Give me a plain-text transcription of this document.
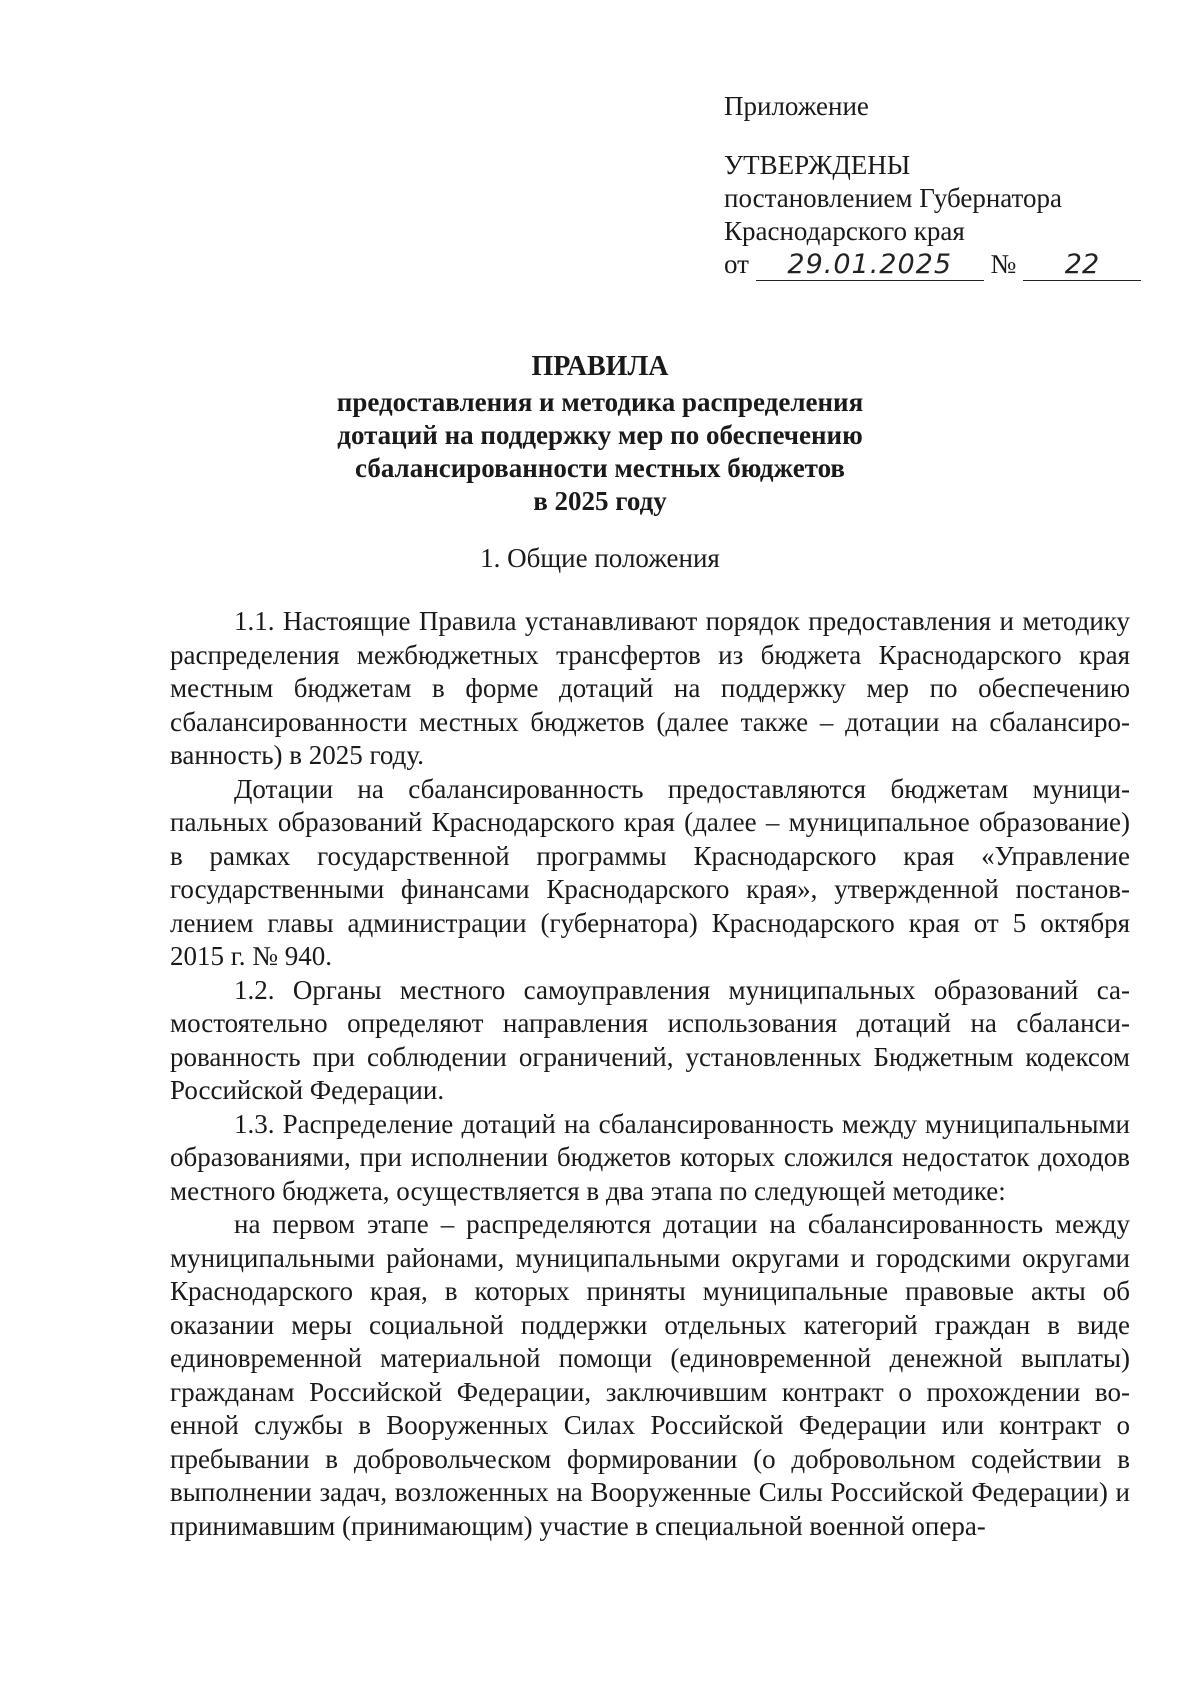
Приложение
УТВЕРЖДЕНЫ
постановлением Губернатора
Краснодарского края
от 29.01.2025 № 22
ПРАВИЛА
предоставления и методика распределения
дотаций на поддержку мер по обеспечению
сбалансированности местных бюджетов
в 2025 году
1. Общие положения

1.1. Настоящие Правила устанавливают порядок предоставления и методику распределения межбюджетных трансфертов из бюджета Краснодарского края местным бюджетам в форме дотаций на поддержку мер по обеспечению сбалансированности местных бюджетов (далее также – дотации на сбалансированность) в 2025 году.

Дотации на сбалансированность предоставляются бюджетам муниципальных образований Краснодарского края (далее – муниципальное образование) в рамках государственной программы Краснодарского края «Управление государственными финансами Краснодарского края», утвержденной постановлением главы администрации (губернатора) Краснодарского края от 5 октября 2015 г. № 940.

1.2. Органы местного самоуправления муниципальных образований самостоятельно определяют направления использования дотаций на сбалансированность при соблюдении ограничений, установленных Бюджетным кодексом Российской Федерации.

1.3. Распределение дотаций на сбалансированность между муниципальными образованиями, при исполнении бюджетов которых сложился недостаток доходов местного бюджета, осуществляется в два этапа по следующей методике:

на первом этапе – распределяются дотации на сбалансированность между муниципальными районами, муниципальными округами и городскими округами Краснодарского края, в которых приняты муниципальные правовые акты об оказании меры социальной поддержки отдельных категорий граждан в виде единовременной материальной помощи (единовременной денежной выплаты) гражданам Российской Федерации, заключившим контракт о прохождении военной службы в Вооруженных Силах Российской Федерации или контракт о пребывании в добровольческом формировании (о добровольном содействии в выполнении задач, возложенных на Вооруженные Силы Российской Федерации) и принимавшим (принимающим) участие в специальной военной опера-
